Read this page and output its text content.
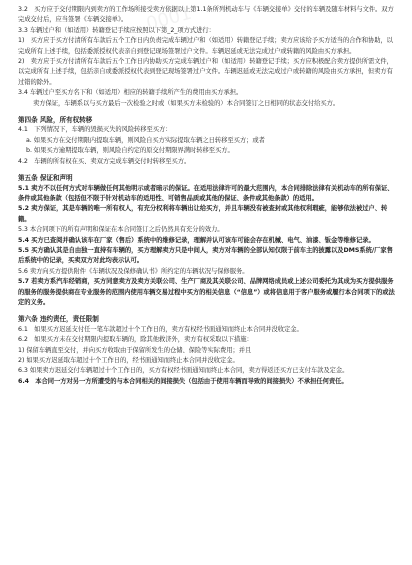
0001

3.2　买方应于交付期限内到卖方的工作场所接受卖方依据以上第1.1条所列机动车与《车辆交接单》交付的车辆及随车材料与文件。双方完成交付后，应当签署《车辆交接单》。

3.3 车辆过户和（如适用）转籍登记手续应按照以下第_2_项方式进行：

1)　买方应于买方付清所有车款后五个工作日内负责完成车辆过户和（如适用）转籍登记手续；卖方应该给予买方适当的合作和协助，以完成所有上述手续，包括委派授权代表亲自到登记现场签署过户文件。车辆迟延或无法完成过户或转籍的风险由买方承担。

2)　卖方应于买方付清所有车款后五个工作日内协助买方完成车辆过户和（如适用）转籍登记手续；买方应积极配合卖方提供所需文件，以完成所有上述手续，包括亲自或委派授权代表到登记现场签署过户文件。车辆迟延或无法完成过户或转籍的风险由买方承担，但卖方有过错的除外。

3.4 车辆过户至买方名下和（如适用）相应的转籍手续所产生的费用由买方承担。

卖方保证，车辆系以与买方最后一次检验之时或（如果买方未检验的）本合同签订之日相同的状态交付给买方。

第四条 风险，所有权转移

4.1　下列情况下，车辆的毁损灭失的风险转移至买方：

a. 如果买方在交付期限内提取车辆，则风险自买方实际提取车辆之日转移至买方；或者

b. 如果买方逾期提取车辆，则风险自约定的原交付期限界满时转移至买方。

4.2　车辆的所有权在买、卖双方完成车辆交付时转移至买方。

第五条 保证和声明

5.1 卖方不以任何方式对车辆做任何其他明示或者暗示的保证。在适用法律许可的最大范围内，本合同排除法律有关机动车的所有保证、条件或其他条款（包括但不限于针对机动车的适用性、可销售品质或其他的保证、条件或其他条款）的适用。

5.2 卖方保证，其是车辆的唯一所有权人，有充分权利将车辆出让给买方，并且车辆没有被查封或其他权利瑕疵，能够依法被过户、转籍。

5.3 本合同项下的所有声明和保证在本合同签订之后仍然具有充分的效力。

5.4 买方已查阅并确认该车在厂家（售后）系统中的维修记录，理解并认可该车可能会存在机械、电气、油漆、钣金等维修记录。

5.5 买方确认其是自由独一直持有车辆的，买方理解卖方只是中间人，卖方对车辆的全部认知仅限于前车主的披露以及DMS系统/厂家售后系统中的记录，买卖双方对此均表示认可。

5.6 卖方向买方提供附件《车辆状况及保修确认书》所约定的车辆状况与保修服务。

5.7 若卖方系汽车经销商，买方同意卖方及卖方关联公司、生产厂商及其关联公司、品牌网络成员或上述公司委托为其成为买方提供服务的服务的服务提供商在专业服务的范围内使用车辆交易过程中买方的相关信息（“信息”）或将信息用于客户服务或履行本合同项下的或法定的义务。

第六条 违约责任，责任限制

6.1　如果买方迟延支付任一笔车款超过十个工作日的，卖方有权经书面通知而终止本合同并没收定金。

6.2　如果买方未在交付期限内提取车辆的，除其他救济外，卖方有权采取以下措施：

1) 保留车辆直至交付，并向买方收取由于保留所发生的仓储、保险等实际费用；并且

2) 如果买方迟延取车超过十个工作日的，经书面通知而终止本合同并没收定金。

6.3 如果卖方迟延交付车辆超过十个工作日的，买方有权经书面通知而终止本合同，卖方得返还买方已支付车款及定金。

6.4　本合同一方对另一方所遭受的与本合同相关的间接损失（包括由于使用车辆而导致的间接损失）不承担任何责任。
